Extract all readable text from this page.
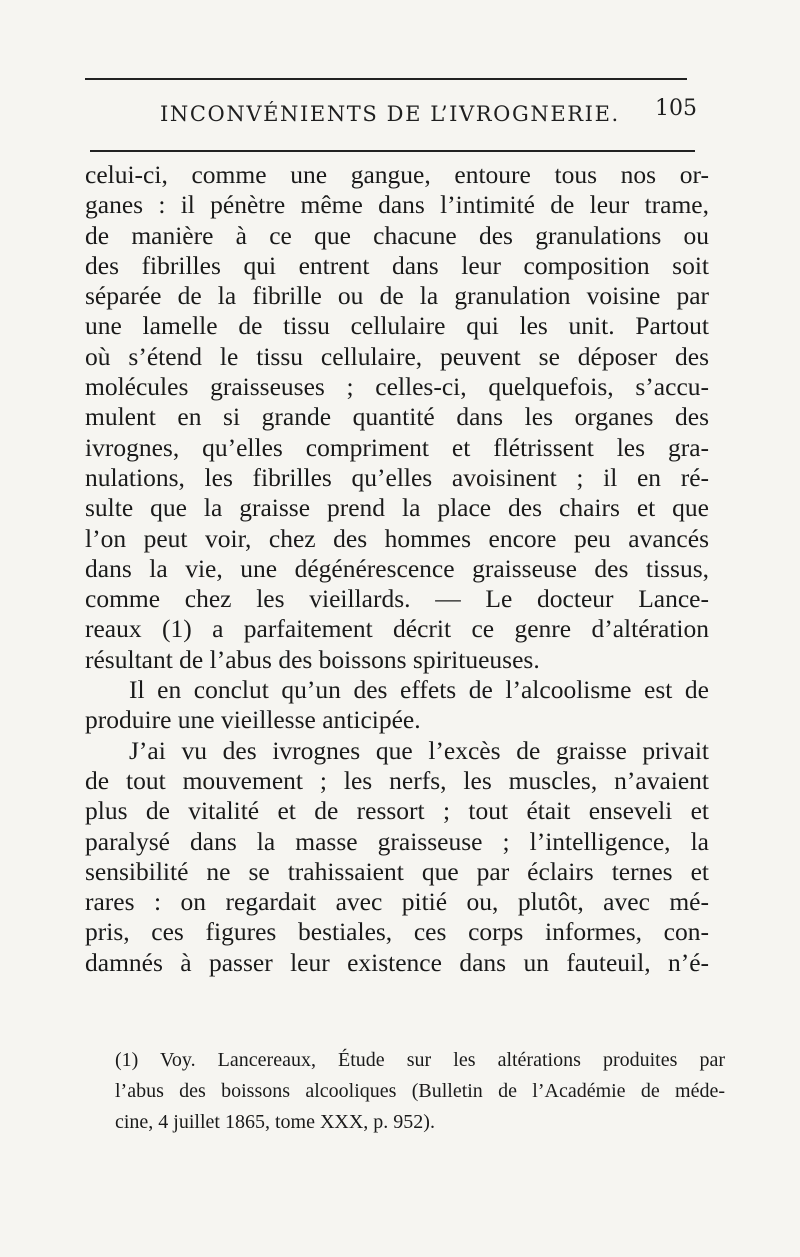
INCONVÉNIENTS DE L’IVROGNERIE. 105

celui-ci, comme une gangue, entoure tous nos or-
ganes : il pénètre même dans l’intimité de leur trame,
de manière à ce que chacune des granulations ou
des fibrilles qui entrent dans leur composition soit
séparée de la fibrille ou de la granulation voisine par
une lamelle de tissu cellulaire qui les unit. Partout
où s’étend le tissu cellulaire, peuvent se déposer des
molécules graisseuses ; celles-ci, quelquefois, s’accu-
mulent en si grande quantité dans les organes des
ivrognes, qu’elles compriment et flétrissent les gra-
nulations, les fibrilles qu’elles avoisinent ; il en ré-
sulte que la graisse prend la place des chairs et que
l’on peut voir, chez des hommes encore peu avancés
dans la vie, une dégénérescence graisseuse des tissus,
comme chez les vieillards. — Le docteur Lance-
reaux (1) a parfaitement décrit ce genre d’altération
résultant de l’abus des boissons spiritueuses.

Il en conclut qu’un des effets de l’alcoolisme est de
produire une vieillesse anticipée.

J’ai vu des ivrognes que l’excès de graisse privait
de tout mouvement ; les nerfs, les muscles, n’avaient
plus de vitalité et de ressort ; tout était enseveli et
paralysé dans la masse graisseuse ; l’intelligence, la
sensibilité ne se trahissaient que par éclairs ternes et
rares : on regardait avec pitié ou, plutôt, avec mé-
pris, ces figures bestiales, ces corps informes, con-
damnés à passer leur existence dans un fauteuil, n’é-

(1) Voy. Lancereaux, Étude sur les altérations produites par
l’abus des boissons alcooliques (Bulletin de l’Académie de méde-
cine, 4 juillet 1865, tome XXX, p. 952).
